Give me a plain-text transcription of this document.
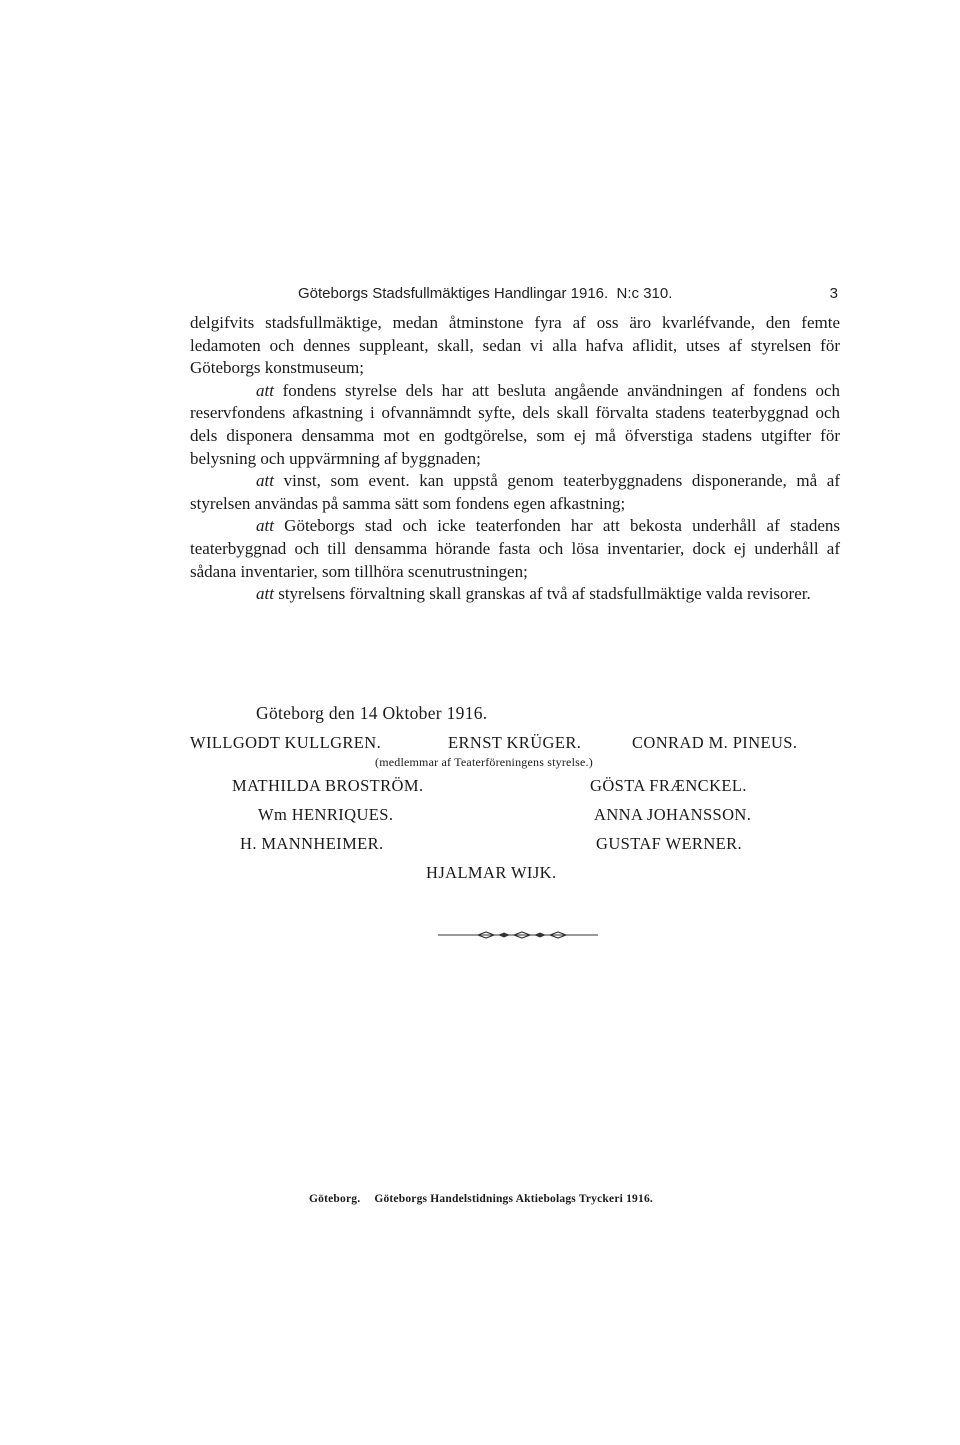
Göteborgs Stadsfullmäktiges Handlingar 1916. N:c 310.	3

delgifvits stadsfullmäktige, medan åtminstone fyra af oss äro kvarléfvande, den femte ledamoten och dennes suppleant, skall, sedan vi alla hafva aflidit, utses af styrelsen för Göteborgs konstmuseum;

att fondens styrelse dels har att besluta angående användningen af fondens och reservfondens afkastning i ofvannämndt syfte, dels skall förvalta stadens teaterbyggnad och dels disponera densamma mot en godtgörelse, som ej må öfverstiga stadens utgifter för belysning och uppvärmning af byggnaden;

att vinst, som event. kan uppstå genom teaterbyggnadens disponerande, må af styrelsen användas på samma sätt som fondens egen afkastning;

att Göteborgs stad och icke teaterfonden har att bekosta underhåll af stadens teaterbyggnad och till densamma hörande fasta och lösa inventarier, dock ej underhåll af sådana inventarier, som tillhöra scenutrustningen;

att styrelsens förvaltning skall granskas af två af stadsfullmäktige valda revisorer.

Göteborg den 14 Oktober 1916.
WILLGODT KULLGREN.	ERNST KRÜGER.	CONRAD M. PINEUS.
(medlemmar af Teaterföreningens styrelse.)
MATHILDA BROSTRÖM.	GÖSTA FRÆNCKEL.
Wm HENRIQUES.	ANNA JOHANSSON.
H. MANNHEIMER.	GUSTAF WERNER.
HJALMAR WIJK.
Göteborg. Göteborgs Handelstidnings Aktiebolags Tryckeri 1916.
